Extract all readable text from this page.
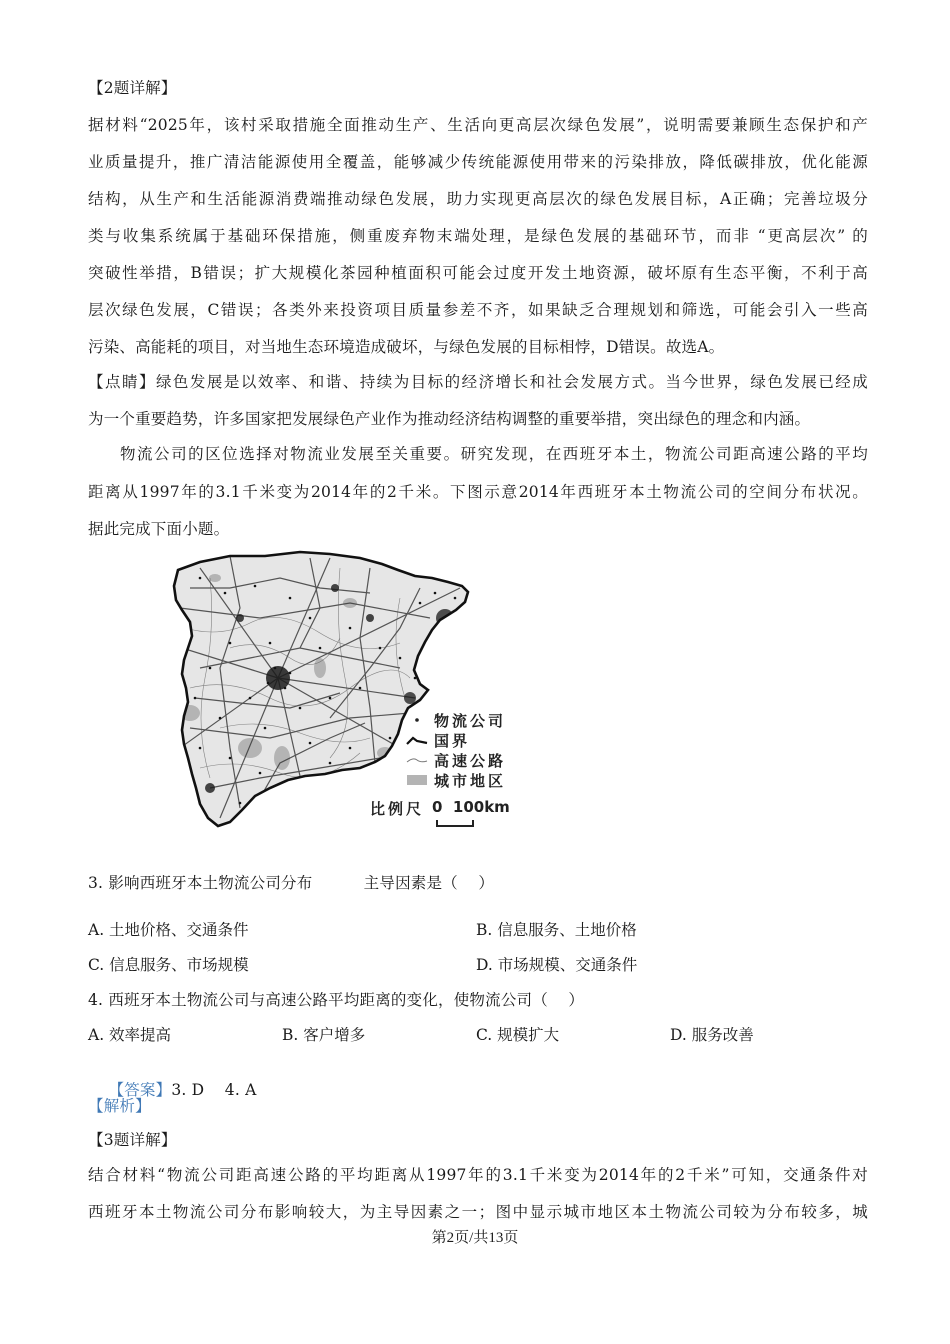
【2题详解】
据材料“2025年，该村采取措施全面推动生产、生活向更高层次绿色发展”，说明需要兼顾生态保护和产
业质量提升，推广清洁能源使用全覆盖，能够减少传统能源使用带来的污染排放，降低碳排放，优化能源
结构，从生产和生活能源消费端推动绿色发展，助力实现更高层次的绿色发展目标，A正确；完善垃圾分
类与收集系统属于基础环保措施，侧重废弃物末端处理，是绿色发展的基础环节，而非 “更高层次” 的
突破性举措，B错误；扩大规模化茶园种植面积可能会过度开发土地资源，破坏原有生态平衡，不利于高
层次绿色发展，C错误；各类外来投资项目质量参差不齐，如果缺乏合理规划和筛选，可能会引入一些高
污染、高能耗的项目，对当地生态环境造成破坏，与绿色发展的目标相悖，D错误。故选A。
【点睛】绿色发展是以效率、和谐、持续为目标的经济增长和社会发展方式。当今世界，绿色发展已经成
为一个重要趋势，许多国家把发展绿色产业作为推动经济结构调整的重要举措，突出绿色的理念和内涵。
物流公司的区位选择对物流业发展至关重要。研究发现，在西班牙本土，物流公司距高速公路的平均
距离从1997年的3.1千米变为2014年的2千米。下图示意2014年西班牙本土物流公司的空间分布状况。
据此完成下面小题。
物流公司
国界
高速公路
城市地区
比例尺 0  100km
3. 影响西班牙本土物流公司分布          主导因素是（    ）
A. 土地价格、交通条件	B. 信息服务、土地价格
C. 信息服务、市场规模	D. 市场规模、交通条件
4. 西班牙本土物流公司与高速公路平均距离的变化，使物流公司（    ）
A. 效率提高	B. 客户增多	C. 规模扩大	D. 服务改善

【答案】3. D    4. A

【解析】
【3题详解】
结合材料“物流公司距高速公路的平均距离从1997年的3.1千米变为2014年的2千米”可知，交通条件对
西班牙本土物流公司分布影响较大，为主导因素之一；图中显示城市地区本土物流公司较为分布较多，城
第2页/共13页
